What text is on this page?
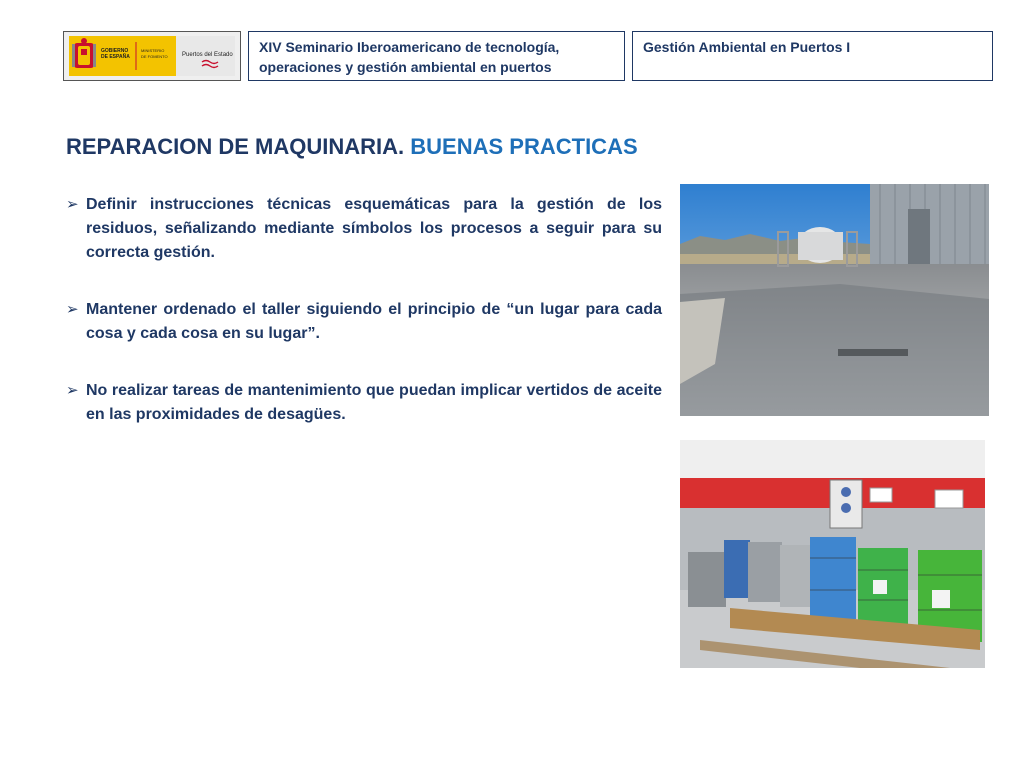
GOBIERNO
DE ESPAÑA
MINISTERIO
DE FOMENTO Puertos del Estado XIV Seminario Iberoamericano de tecnología,
operaciones y gestión ambiental en puertos
Gestión Ambiental en Puertos I
REPARACION DE MAQUINARIA. BUENAS PRACTICAS
➢ Definir instrucciones técnicas esquemáticas para la gestión de los residuos, señalizando mediante símbolos los procesos a seguir para su correcta gestión.
➢ Mantener ordenado el taller siguiendo el principio de “un lugar para cada cosa y cada cosa en su lugar”.
➢ No realizar tareas de mantenimiento que puedan implicar vertidos de aceite en las proximidades de desagües.
